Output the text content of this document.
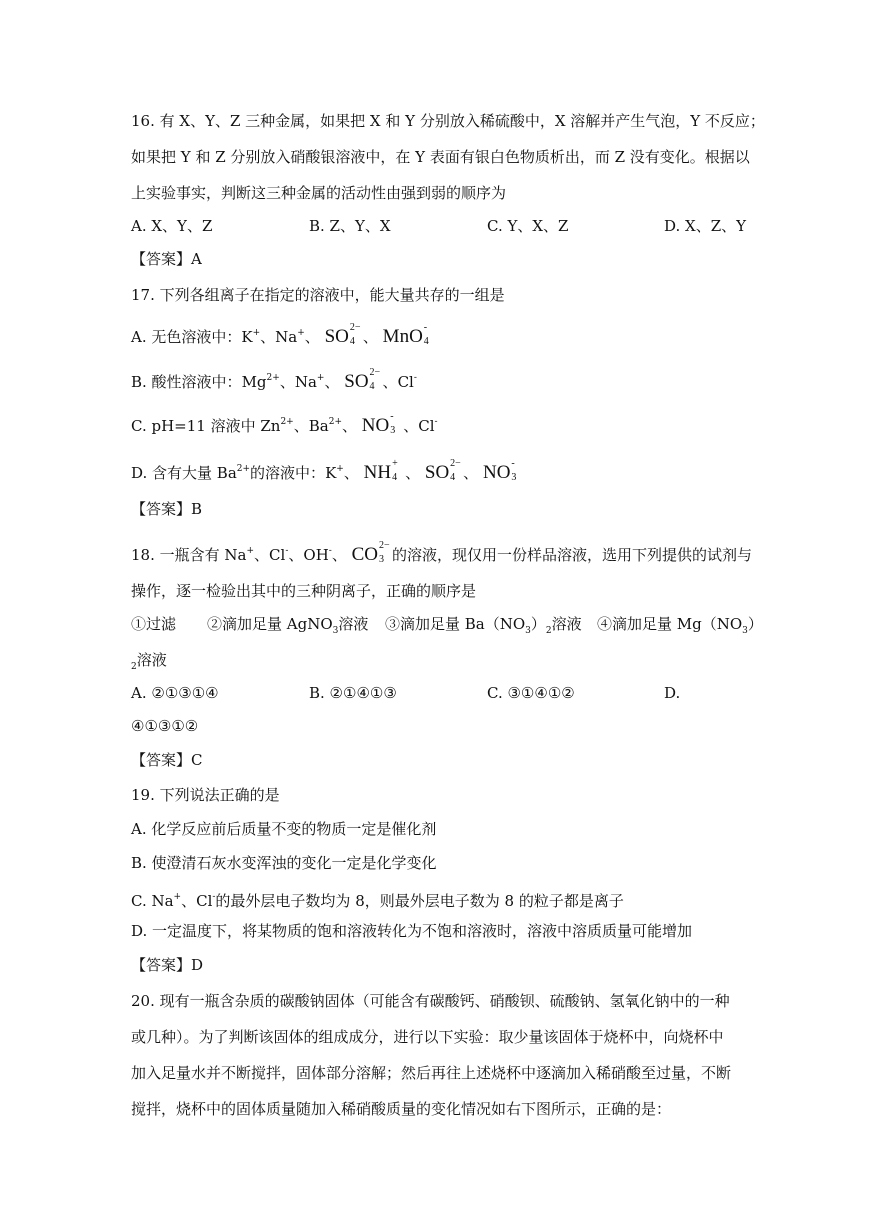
16. 有 X、Y、Z 三种金属，如果把 X 和 Y 分别放入稀硫酸中，X 溶解并产生气泡，Y 不反应；
如果把 Y 和 Z 分别放入硝酸银溶液中，在 Y 表面有银白色物质析出，而 Z 没有变化。根据以
上实验事实，判断这三种金属的活动性由强到弱的顺序为
A. X、Y、Z	B. Z、Y、X	C. Y、X、Z	D. X、Z、Y
【答案】A
17. 下列各组离子在指定的溶液中，能大量共存的一组是
A. 无色溶液中：K+、Na+、 SO 2−
4 、 MnO -
4
B. 酸性溶液中：$Mg^{2+}$、Na+、 SO 2−
4 、Cl-
C. pH=11 溶液中 $Zn^{2+}$、$Ba^{2+}$、 NO -
3 、Cl-
D. 含有大量 $Ba^{2+}$的溶液中：K+、 NH +
4 、 SO 2−
4 、 NO -
3
【答案】B
18. 一瓶含有 Na+、Cl-、OH-、 CO 2−
3 的溶液，现仅用一份样品溶液，选用下列提供的试剂与
操作，逐一检验出其中的三种阴离子，正确的顺序是
①过滤 ②滴加足量 AgNO$_3$溶液 ③滴加足量 $Ba(NO_3)_2$溶液 ④滴加足量 $Mg(NO_3)$
$_2$溶液
A. ②①③①④	B. ②①④①③	C. ③①④①②	D.
④①③①②
【答案】C
19. 下列说法正确的是
A. 化学反应前后质量不变的物质一定是催化剂
B. 使澄清石灰水变浑浊的变化一定是化学变化
C. Na+、Cl-的最外层电子数均为 8，则最外层电子数为 8 的粒子都是离子
D. 一定温度下，将某物质的饱和溶液转化为不饱和溶液时，溶液中溶质质量可能增加
【答案】D
20. 现有一瓶含杂质的碳酸钠固体（可能含有碳酸钙、硝酸钡、硫酸钠、氢氧化钠中的一种
或几种）。为了判断该固体的组成成分，进行以下实验：取少量该固体于烧杯中，向烧杯中
加入足量水并不断搅拌，固体部分溶解；然后再往上述烧杯中逐滴加入稀硝酸至过量，不断
搅拌，烧杯中的固体质量随加入稀硝酸质量的变化情况如右下图所示，正确的是：
